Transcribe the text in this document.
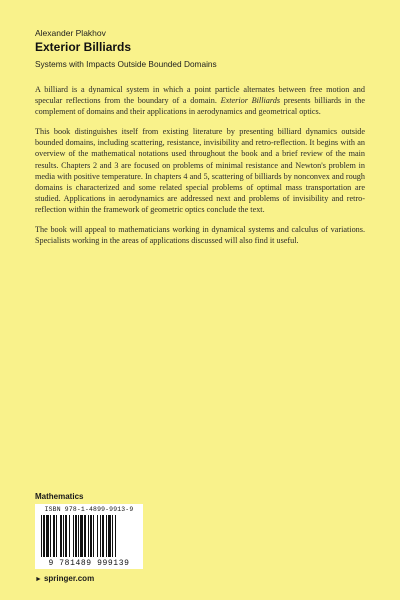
Alexander Plakhov
Exterior Billiards
Systems with Impacts Outside Bounded Domains

A billiard is a dynamical system in which a point particle alternates between free motion and specular reflections from the boundary of a domain. Exterior Billiards presents billiards in the complement of domains and their applications in aerodynamics and geometrical optics.

This book distinguishes itself from existing literature by presenting billiard dynamics outside bounded domains, including scattering, resistance, invisibility and retro-reflection. It begins with an overview of the mathematical notations used throughout the book and a brief review of the main results. Chapters 2 and 3 are focused on problems of minimal resistance and Newton's problem in media with positive temperature. In chapters 4 and 5, scattering of billiards by nonconvex and rough domains is characterized and some related special problems of optimal mass transportation are studied. Applications in aerodynamics are addressed next and problems of invisibility and retro-reflection within the framework of geometric optics conclude the text.

The book will appeal to mathematicians working in dynamical systems and calculus of variations. Specialists working in the areas of applications discussed will also find it useful.

Mathematics
ISBN 978-1-4899-9913-9
9 781489 999139
► springer.com
